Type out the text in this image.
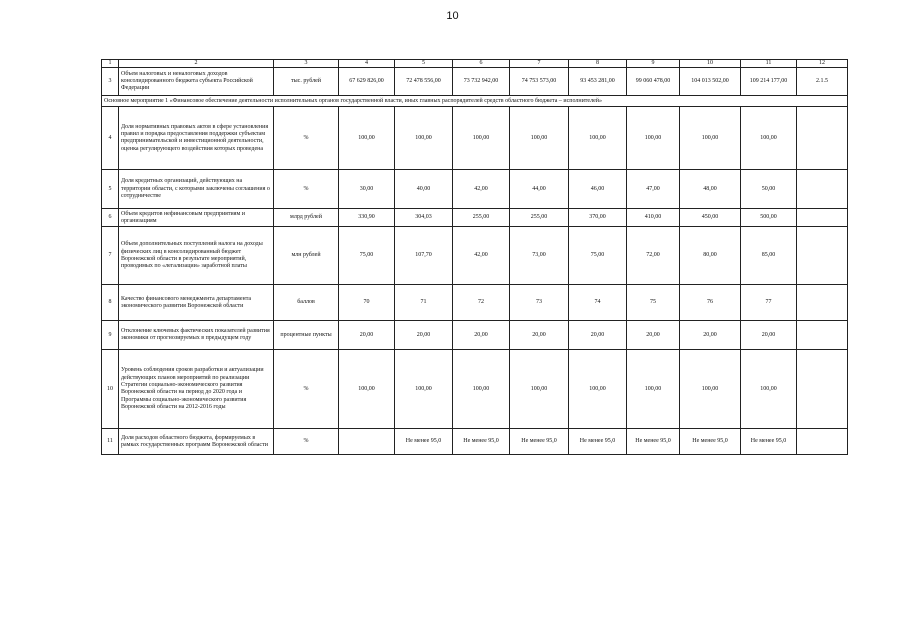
10
1	2	3	4	5	6	7	8	9	10	11	12
3	Объем налоговых и неналоговых доходов консолидированного бюджета субъекта Российской Федерации	тыс. рублей	67 629 826,00	72 478 556,00	73 732 942,00	74 753 573,00	93 453 281,00	99 060 478,00	104 013 502,00	109 214 177,00	2.1.5
Основное мероприятие 1 «Финансовое обеспечение деятельности исполнительных органов государственной власти, иных главных распорядителей средств областного бюджета – исполнителей»											
4	Доля нормативных правовых актов в сфере установления правил и порядка предоставления поддержки субъектам предпринимательской и инвестиционной деятельности, оценка регулирующего воздействия которых проведена	%	100,00	100,00	100,00	100,00	100,00	100,00	100,00	100,00	
5	Доля кредитных организаций, действующих на территории области, с которыми заключены соглашения о сотрудничестве	%	30,00	40,00	42,00	44,00	46,00	47,00	48,00	50,00	
6	Объем кредитов нефинансовым предприятиям и организациям	млрд рублей	330,90	304,03	255,00	255,00	370,00	410,00	450,00	500,00	
7	Объем дополнительных поступлений налога на доходы физических лиц в консолидированный бюджет Воронежской области в результате мероприятий, проводимых по «легализации» заработной платы	млн рублей	75,00	107,70	42,00	73,00	75,00	72,00	80,00	85,00	
8	Качество финансового менеджмента департамента экономического развития Воронежской области	баллов	70	71	72	73	74	75	76	77	
9	Отклонение ключевых фактических показателей развития экономики от прогнозируемых в предыдущем году	процентные пункты	20,00	20,00	20,00	20,00	20,00	20,00	20,00	20,00	
10	Уровень соблюдения сроков разработки и актуализации действующих планов мероприятий по реализации Стратегии социально-экономического развития Воронежской области на период до 2020 года и Программы социально-экономического развития Воронежской области на 2012-2016 годы	%	100,00	100,00	100,00	100,00	100,00	100,00	100,00	100,00	
11	Доля расходов областного бюджета, формируемых в рамках государственных программ Воронежской области	%		Не менее 95,0	Не менее 95,0	Не менее 95,0	Не менее 95,0	Не менее 95,0	Не менее 95,0	Не менее 95,0	
